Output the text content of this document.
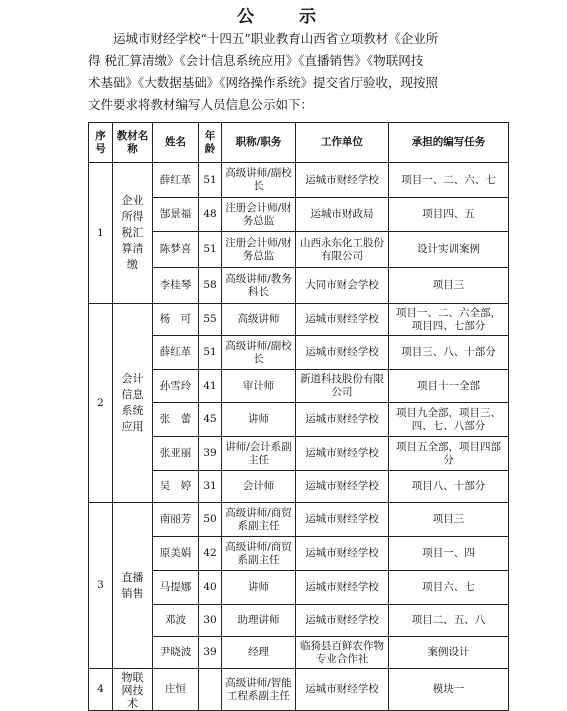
公　示

运城市财经学校“十四五”职业教育山西省立项教材《企业所

得 税汇算清缴》《会计信息系统应用》《直播销售》《物联网技

术基础》《大数据基础》《网络操作系统》提交省厅验收，现按照

文件要求将教材编写人员信息公示如下：

序号	教材名称	姓名	年龄	职称/职务	工作单位	承担的编写任务
1	企业所得税汇算清缴	薛红革	51	高级讲师/副校长	运城市财经学校	项目一、二、六、七
		郜景福	48	注册会计师/财务总监	运城市财政局	项目四、五
		陈梦喜	51	注册会计师/财务总监	山西永东化工股份有限公司	设计实训案例
		李桂琴	58	高级讲师/教务科长	大同市财会学校	项目三
2	会计信息系统应用	杨　可	55	高级讲师	运城市财经学校	项目一、二、六全部，项目四、七部分
		薛红革	51	高级讲师/副校长	运城市财经学校	项目三、八、十部分
		孙雪玲	41	审计师	新道科技股份有限公司	项目十一全部
		张　蕾	45	讲师	运城市财经学校	项目九全部，项目三、四、七、八部分
		张亚丽	39	讲师/会计系副主任	运城市财经学校	项目五全部，项目四部分
		吴　婷	31	会计师	运城市财经学校	项目八、十部分
3	直播销售	南丽芳	50	高级讲师/商贸系副主任	运城市财经学校	项目三
		原美娟	42	高级讲师/商贸系副主任	运城市财经学校	项目一、四
		马提娜	40	讲师	运城市财经学校	项目六、七
		邓波	30	助理讲师	运城市财经学校	项目二、五、八
		尹晓波	39	经理	临猗县百鲜农作物专业合作社	案例设计
4	物联网技术	庄恒		高级讲师/智能工程系副主任	运城市财经学校	模块一
